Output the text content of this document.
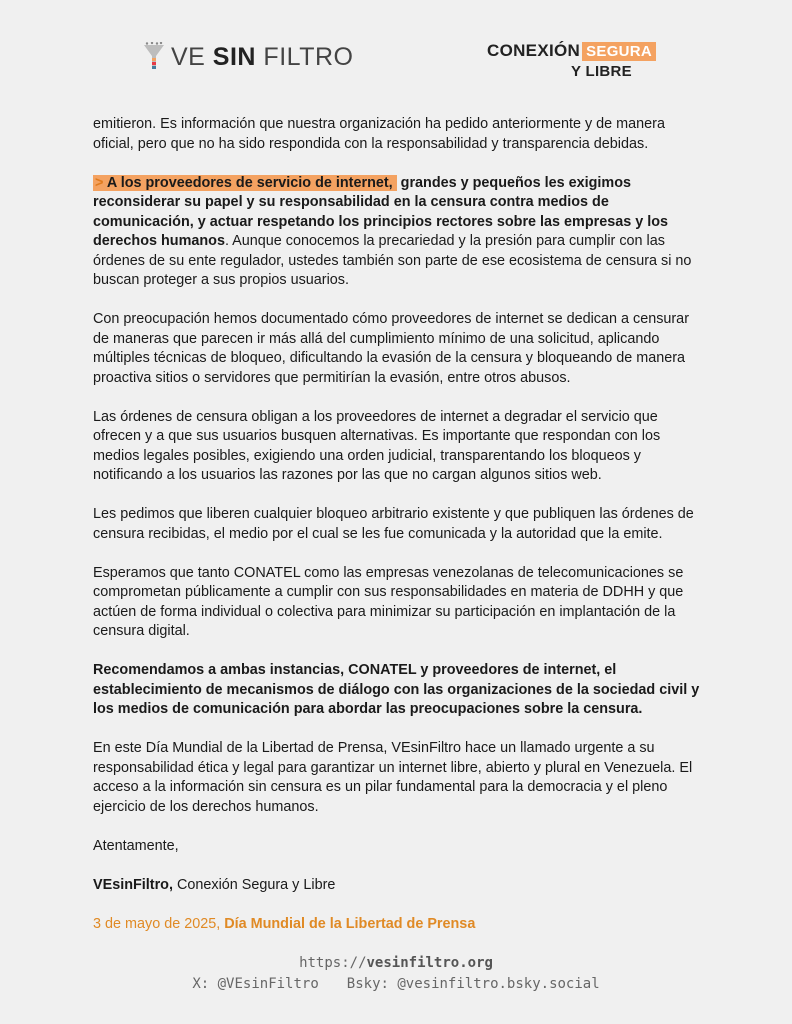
VE SIN FILTRO	CONEXIÓN SEGURA
Y LIBRE

emitieron. Es información que nuestra organización ha pedido anteriormente y de manera oficial, pero que no ha sido respondida con la responsabilidad y transparencia debidas.

> A los proveedores de servicio de internet, grandes y pequeños les exigimos reconsiderar su papel y su responsabilidad en la censura contra medios de comunicación, y actuar respetando los principios rectores sobre las empresas y los derechos humanos. Aunque conocemos la precariedad y la presión para cumplir con las órdenes de su ente regulador, ustedes también son parte de ese ecosistema de censura si no buscan proteger a sus propios usuarios.

Con preocupación hemos documentado cómo proveedores de internet se dedican a censurar de maneras que parecen ir más allá del cumplimiento mínimo de una solicitud, aplicando múltiples técnicas de bloqueo, dificultando la evasión de la censura y bloqueando de manera proactiva sitios o servidores que permitirían la evasión, entre otros abusos.

Las órdenes de censura obligan a los proveedores de internet a degradar el servicio que ofrecen y a que sus usuarios busquen alternativas. Es importante que respondan con los medios legales posibles, exigiendo una orden judicial, transparentando los bloqueos y notificando a los usuarios las razones por las que no cargan algunos sitios web.

Les pedimos que liberen cualquier bloqueo arbitrario existente y que publiquen las órdenes de censura recibidas, el medio por el cual se les fue comunicada y la autoridad que la emite.

Esperamos que tanto CONATEL como las empresas venezolanas de telecomunicaciones se comprometan públicamente a cumplir con sus responsabilidades en materia de DDHH y que actúen de forma individual o colectiva para minimizar su participación en implantación de la censura digital.

Recomendamos a ambas instancias, CONATEL y proveedores de internet, el establecimiento de mecanismos de diálogo con las organizaciones de la sociedad civil y los medios de comunicación para abordar las preocupaciones sobre la censura.

En este Día Mundial de la Libertad de Prensa, VEsinFiltro hace un llamado urgente a su responsabilidad ética y legal para garantizar un internet libre, abierto y plural en Venezuela. El acceso a la información sin censura es un pilar fundamental para la democracia y el pleno ejercicio de los derechos humanos.

Atentamente,

VEsinFiltro, Conexión Segura y Libre

3 de mayo de 2025, Día Mundial de la Libertad de Prensa

https://vesinfiltro.org
X: @VEsinFiltro Bsky: @vesinfiltro.bsky.social
